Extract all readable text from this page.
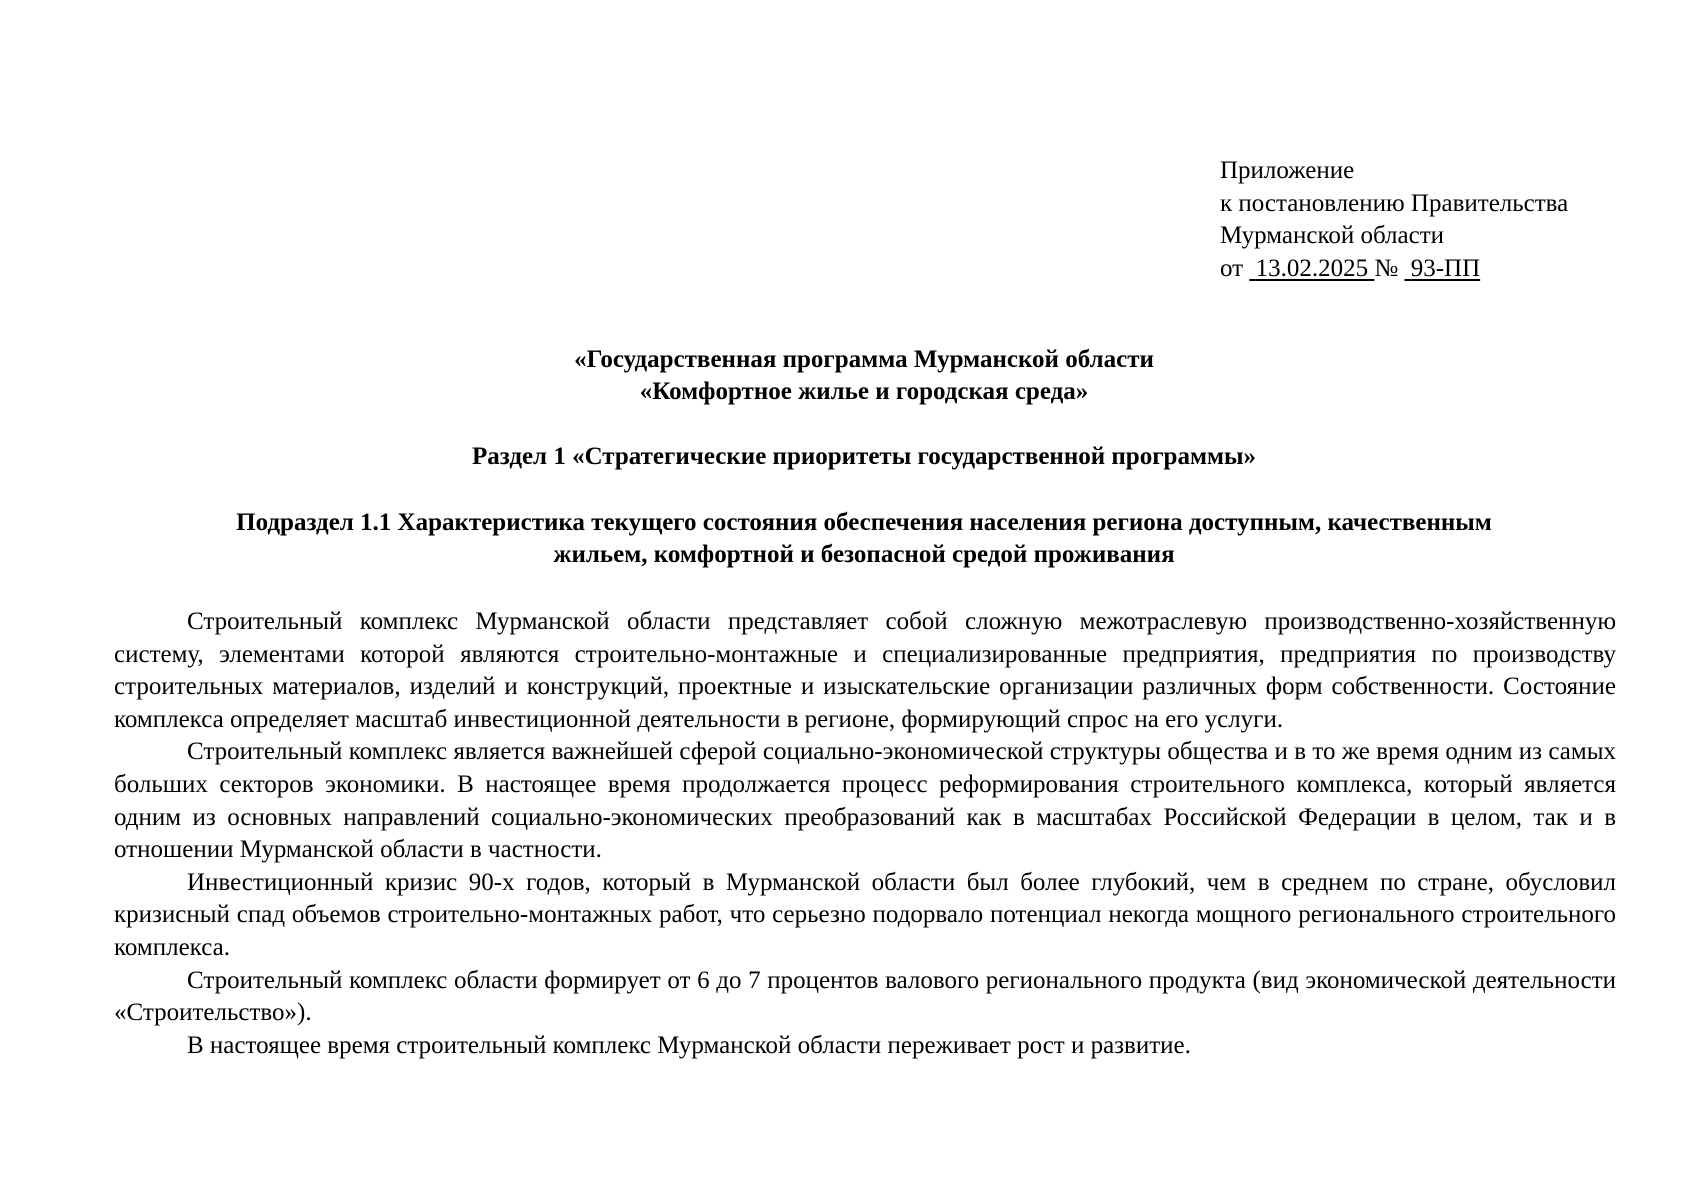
Приложение
к постановлению Правительства
Мурманской области
от 13.02.2025 № 93-ПП
«Государственная программа Мурманской области
«Комфортное жилье и городская среда»
Раздел 1 «Стратегические приоритеты государственной программы»
Подраздел 1.1 Характеристика текущего состояния обеспечения населения региона доступным, качественным
жильем, комфортной и безопасной средой проживания

Строительный комплекс Мурманской области представляет собой сложную межотраслевую производственно-хозяйственную систему, элементами которой являются строительно-монтажные и специализированные предприятия, предприятия по производству строительных материалов, изделий и конструкций, проектные и изыскательские организации различных форм собственности. Состояние комплекса определяет масштаб инвестиционной деятельности в регионе, формирующий спрос на его услуги.

Строительный комплекс является важнейшей сферой социально-экономической структуры общества и в то же время одним из самых больших секторов экономики. В настоящее время продолжается процесс реформирования строительного комплекса, который является одним из основных направлений социально-экономических преобразований как в масштабах Российской Федерации в целом, так и в отношении Мурманской области в частности.

Инвестиционный кризис 90-х годов, который в Мурманской области был более глубокий, чем в среднем по стране, обусловил кризисный спад объемов строительно-монтажных работ, что серьезно подорвало потенциал некогда мощного регионального строительного комплекса.

Строительный комплекс области формирует от 6 до 7 процентов валового регионального продукта (вид экономической деятельности «Строительство»).

В настоящее время строительный комплекс Мурманской области переживает рост и развитие.
